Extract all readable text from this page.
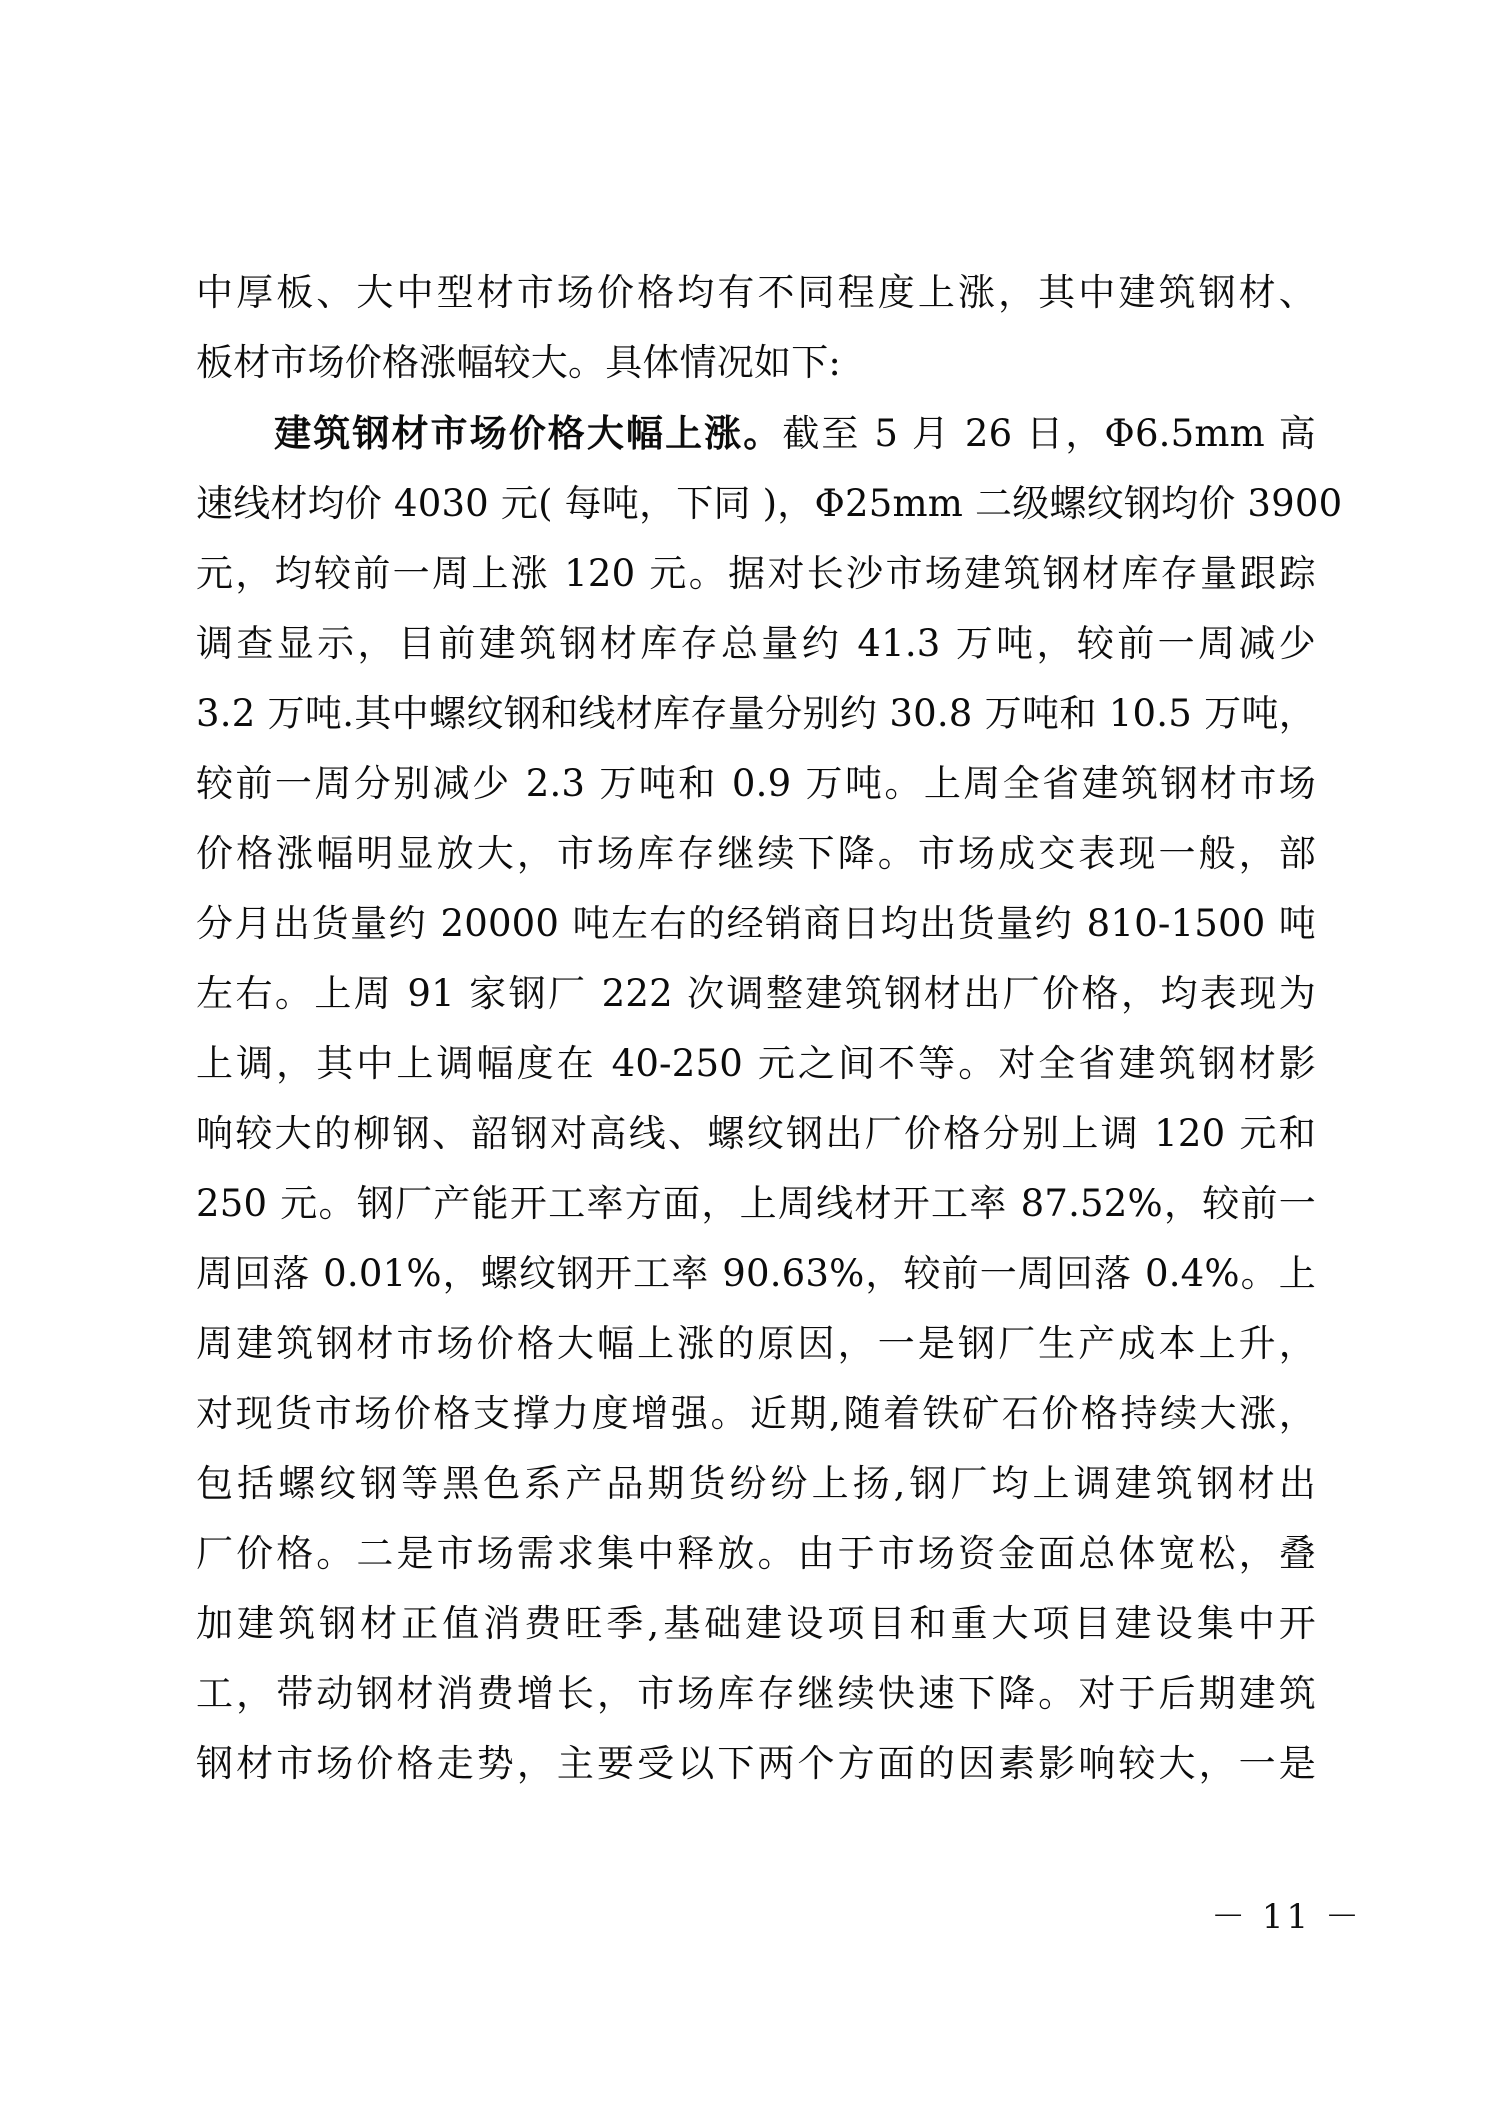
中厚板、大中型材市场价格均有不同程度上涨，其中建筑钢材、
板材市场价格涨幅较大。具体情况如下:
　　建筑钢材市场价格大幅上涨。截至 5 月 26 日，Φ6.5mm 高
速线材均价 4030 元( 每吨，下同 )，Φ25mm 二级螺纹钢均价 3900
元，均较前一周上涨 120 元。据对长沙市场建筑钢材库存量跟踪
调查显示，目前建筑钢材库存总量约 41.3 万吨，较前一周减少
3.2 万吨.其中螺纹钢和线材库存量分别约 30.8 万吨和 10.5 万吨，
较前一周分别减少 2.3 万吨和 0.9 万吨。上周全省建筑钢材市场
价格涨幅明显放大，市场库存继续下降。市场成交表现一般，部
分月出货量约 20000 吨左右的经销商日均出货量约 810-1500 吨
左右。上周 91 家钢厂 222 次调整建筑钢材出厂价格，均表现为
上调，其中上调幅度在 40-250 元之间不等。对全省建筑钢材影
响较大的柳钢、韶钢对高线、螺纹钢出厂价格分别上调 120 元和
250 元。钢厂产能开工率方面，上周线材开工率 87.52%，较前一
周回落 0.01%，螺纹钢开工率 90.63%，较前一周回落 0.4%。上
周建筑钢材市场价格大幅上涨的原因，一是钢厂生产成本上升，
对现货市场价格支撑力度增强。近期,随着铁矿石价格持续大涨，
包括螺纹钢等黑色系产品期货纷纷上扬,钢厂均上调建筑钢材出
厂价格。二是市场需求集中释放。由于市场资金面总体宽松，叠
加建筑钢材正值消费旺季,基础建设项目和重大项目建设集中开
工，带动钢材消费增长，市场库存继续快速下降。对于后期建筑
钢材市场价格走势，主要受以下两个方面的因素影响较大，一是
－ 11 －
